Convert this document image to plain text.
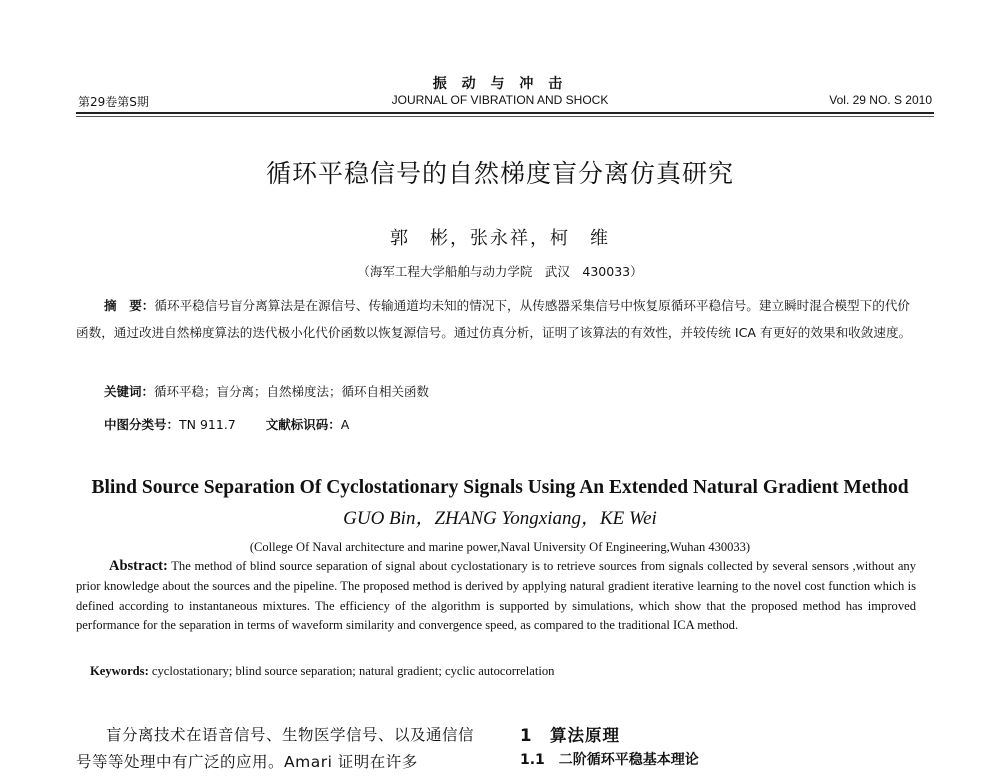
振 动 与 冲 击
第29卷第S期	JOURNAL OF VIBRATION AND SHOCK	Vol. 29 NO. S 2010
循环平稳信号的自然梯度盲分离仿真研究
郭　彬，张永祥，柯　维
（海军工程大学船舶与动力学院　武汉　430033）
摘　要：循环平稳信号盲分离算法是在源信号、传输通道均未知的情况下，从传感器采集信号中恢复原循环平稳信号。建立瞬时混合模型下的代价函数，通过改进自然梯度算法的迭代极小化代价函数以恢复源信号。通过仿真分析，证明了该算法的有效性，并较传统 ICA 有更好的效果和收敛速度。
关键词：循环平稳；盲分离；自然梯度法；循环自相关函数
中图分类号：TN 911.7 文献标识码：A
Blind Source Separation Of Cyclostationary Signals Using An Extended Natural Gradient Method
GUO Bin，ZHANG Yongxiang，KE Wei
(College Of Naval architecture and marine power,Naval University Of Engineering,Wuhan 430033)
Abstract: The method of blind source separation of signal about cyclostationary is to retrieve sources from signals collected by several sensors ,without any prior knowledge about the sources and the pipeline. The proposed method is derived by applying natural gradient iterative learning to the novel cost function which is defined according to instantaneous mixtures. The efficiency of the algorithm is supported by simulations, which show that the proposed method has improved performance for the separation in terms of waveform similarity and convergence speed, as compared to the traditional ICA method.
Keywords: cyclostationary; blind source separation; natural gradient; cyclic autocorrelation
盲分离技术在语音信号、生物医学信号、以及通信信号等等处理中有广泛的应用。Amari 证明在许多
1　算法原理
1.1　二阶循环平稳基本理论
